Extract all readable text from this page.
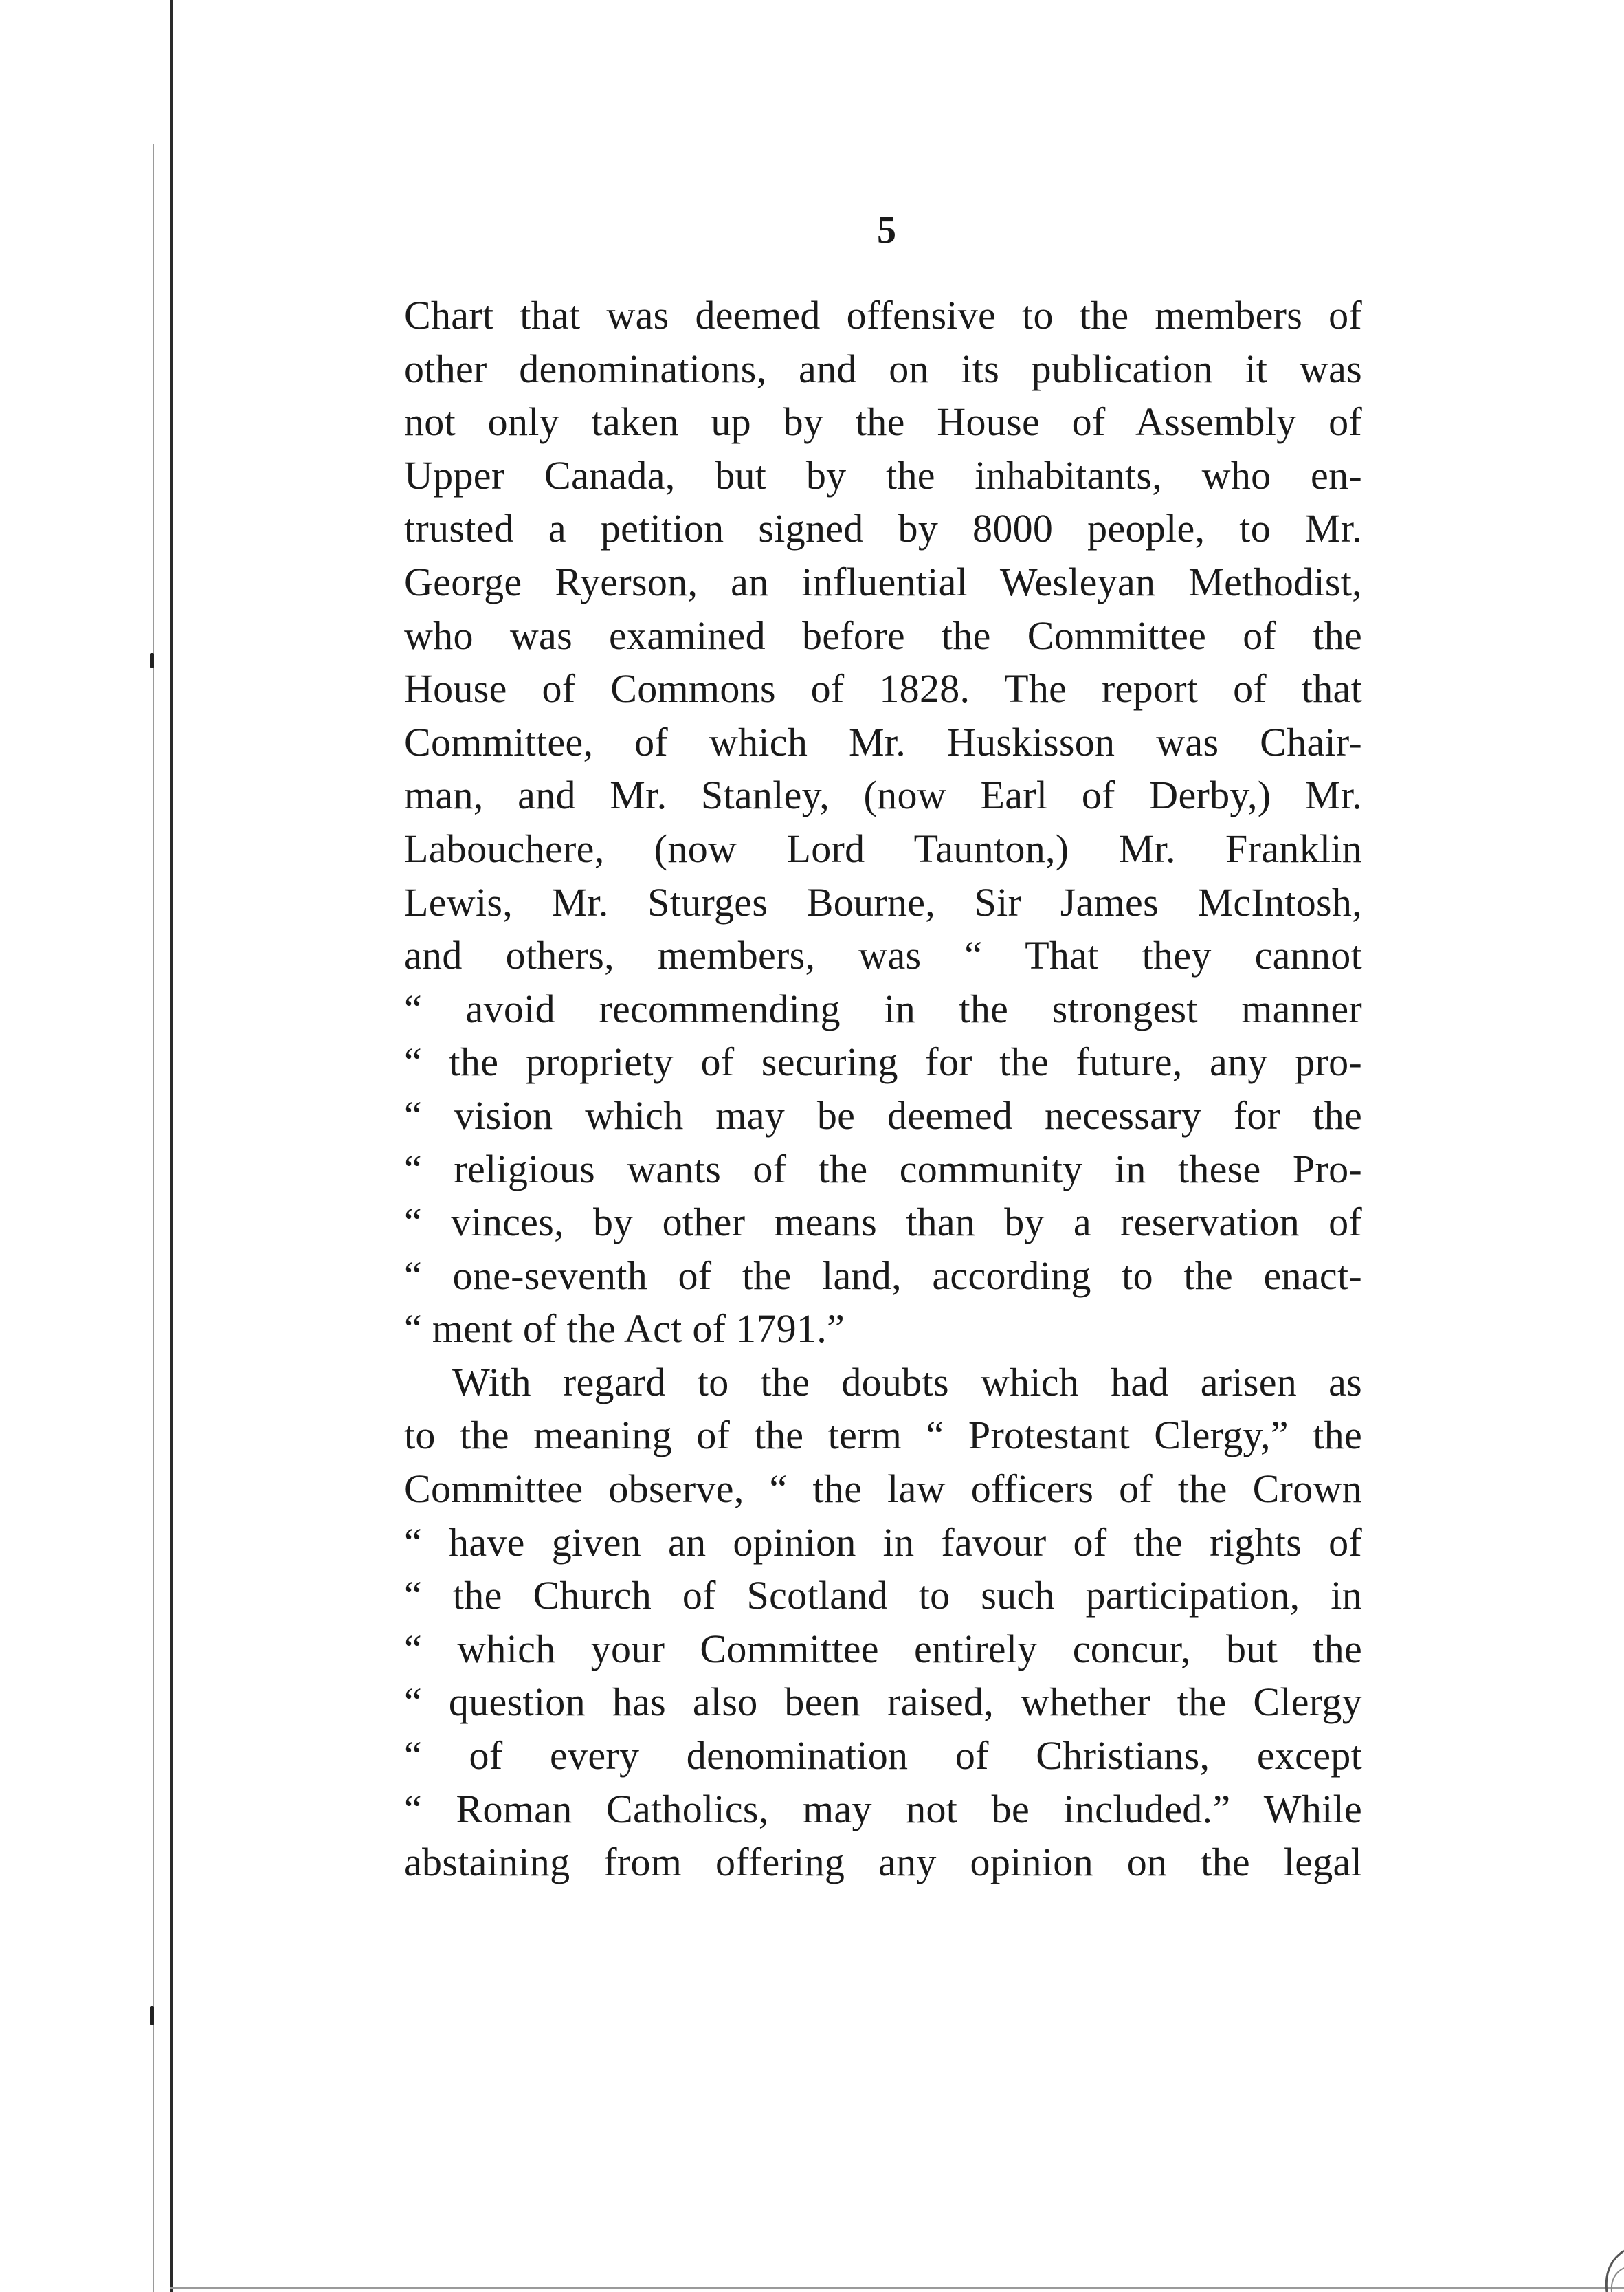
5
Chart that was deemed offensive to the members of
other denominations, and on its publication it was
not only taken up by the House of Assembly of
Upper Canada, but by the inhabitants, who en-
trusted a petition signed by 8000 people, to Mr.
George Ryerson, an influential Wesleyan Methodist,
who was examined before the Committee of the
House of Commons of 1828. The report of that
Committee, of which Mr. Huskisson was Chair-
man, and Mr. Stanley, (now Earl of Derby,) Mr.
Labouchere, (now Lord Taunton,) Mr. Franklin
Lewis, Mr. Sturges Bourne, Sir James McIntosh,
and others, members, was “ That they cannot
“ avoid recommending in the strongest manner
“ the propriety of securing for the future, any pro-
“ vision which may be deemed necessary for the
“ religious wants of the community in these Pro-
“ vinces, by other means than by a reservation of
“ one-seventh of the land, according to the enact-
“ ment of the Act of 1791.”
With regard to the doubts which had arisen as
to the meaning of the term “ Protestant Clergy,” the
Committee observe, “ the law officers of the Crown
“ have given an opinion in favour of the rights of
“ the Church of Scotland to such participation, in
“ which your Committee entirely concur, but the
“ question has also been raised, whether the Clergy
“ of every denomination of Christians, except
“ Roman Catholics, may not be included.” While
abstaining from offering any opinion on the legal
